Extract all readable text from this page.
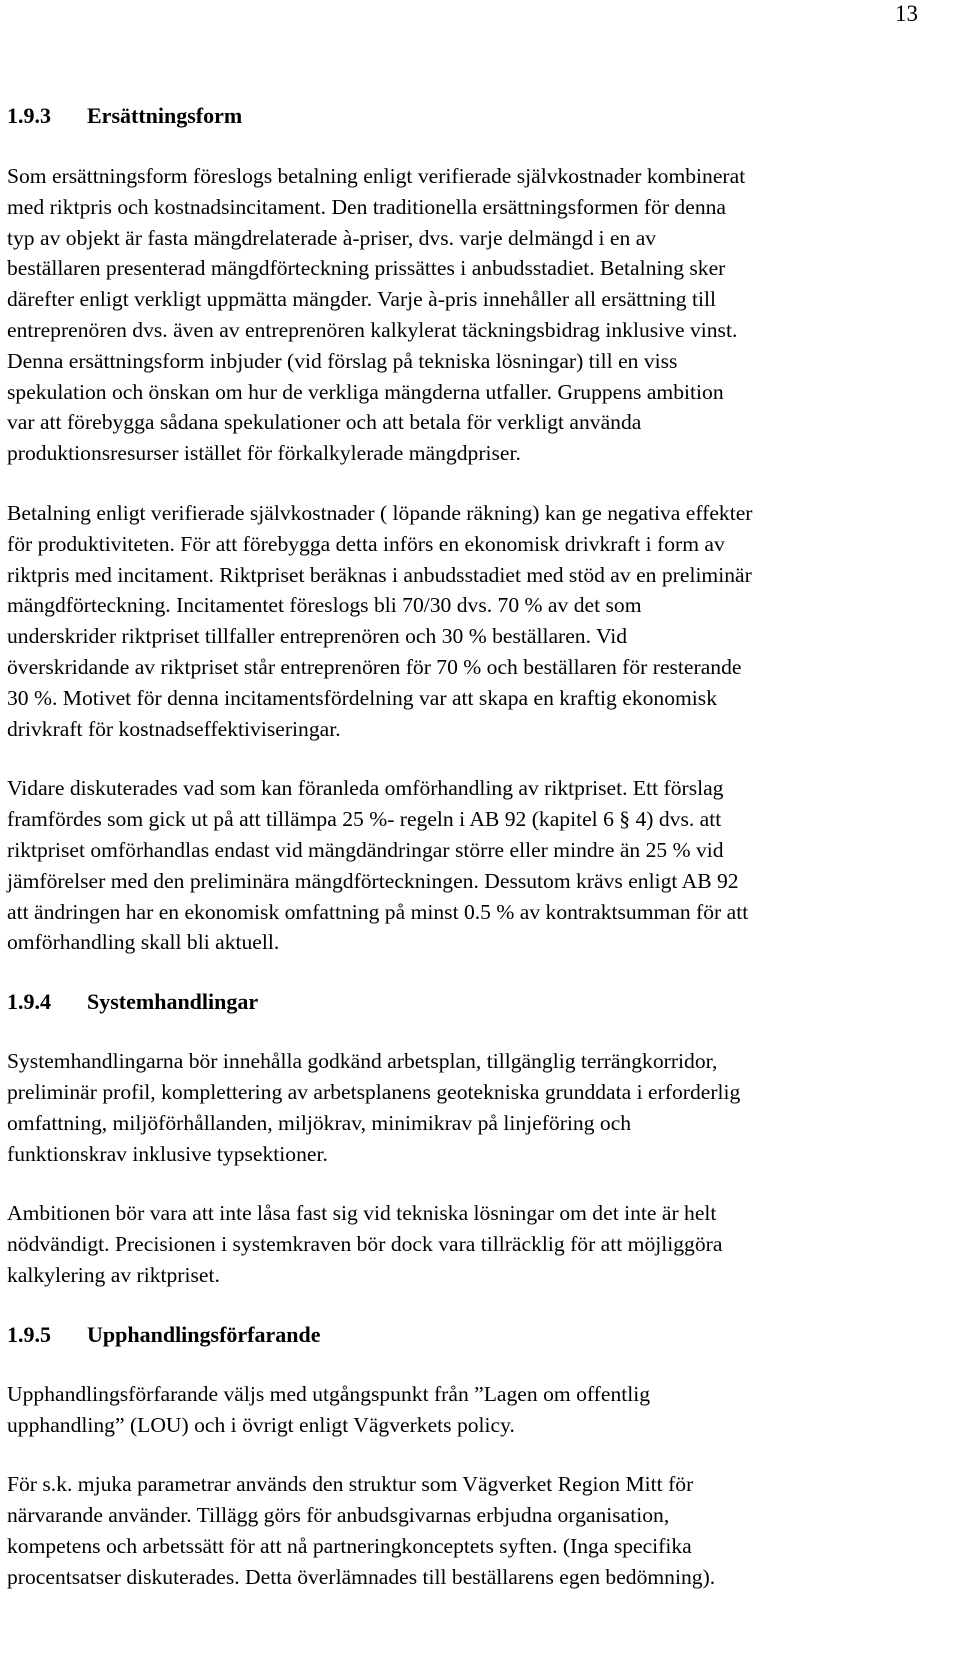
13
1.9.3 Ersättningsform

Som ersättningsform föreslogs betalning enligt verifierade självkostnader kombinerat
med riktpris och kostnadsincitament. Den traditionella ersättningsformen för denna
typ av objekt är fasta mängdrelaterade à-priser, dvs. varje delmängd i en av
beställaren presenterad mängdförteckning prissättes i anbudsstadiet. Betalning sker
därefter enligt verkligt uppmätta mängder. Varje à-pris innehåller all ersättning till
entreprenören dvs. även av entreprenören kalkylerat täckningsbidrag inklusive vinst.
Denna ersättningsform inbjuder (vid förslag på tekniska lösningar) till en viss
spekulation och önskan om hur de verkliga mängderna utfaller. Gruppens ambition
var att förebygga sådana spekulationer och att betala för verkligt använda
produktionsresurser istället för förkalkylerade mängdpriser.

Betalning enligt verifierade självkostnader ( löpande räkning) kan ge negativa effekter
för produktiviteten. För att förebygga detta införs en ekonomisk drivkraft i form av
riktpris med incitament. Riktpriset beräknas i anbudsstadiet med stöd av en preliminär
mängdförteckning. Incitamentet föreslogs bli 70/30 dvs. 70 % av det som
underskrider riktpriset tillfaller entreprenören och 30 % beställaren. Vid
överskridande av riktpriset står entreprenören för 70 % och beställaren för resterande
30 %. Motivet för denna incitamentsfördelning var att skapa en kraftig ekonomisk
drivkraft för kostnadseffektiviseringar.

Vidare diskuterades vad som kan föranleda omförhandling av riktpriset. Ett förslag
framfördes som gick ut på att tillämpa 25 %- regeln i AB 92 (kapitel 6 § 4) dvs. att
riktpriset omförhandlas endast vid mängdändringar större eller mindre än 25 % vid
jämförelser med den preliminära mängdförteckningen. Dessutom krävs enligt AB 92
att ändringen har en ekonomisk omfattning på minst 0.5 % av kontraktsumman för att
omförhandling skall bli aktuell.

1.9.4 Systemhandlingar

Systemhandlingarna bör innehålla godkänd arbetsplan, tillgänglig terrängkorridor,
preliminär profil, komplettering av arbetsplanens geotekniska grunddata i erforderlig
omfattning, miljöförhållanden, miljökrav, minimikrav på linjeföring och
funktionskrav inklusive typsektioner.

Ambitionen bör vara att inte låsa fast sig vid tekniska lösningar om det inte är helt
nödvändigt. Precisionen i systemkraven bör dock vara tillräcklig för att möjliggöra
kalkylering av riktpriset.

1.9.5 Upphandlingsförfarande

Upphandlingsförfarande väljs med utgångspunkt från ”Lagen om offentlig
upphandling” (LOU) och i övrigt enligt Vägverkets policy.

För s.k. mjuka parametrar används den struktur som Vägverket Region Mitt för
närvarande använder. Tillägg görs för anbudsgivarnas erbjudna organisation,
kompetens och arbetssätt för att nå partneringkonceptets syften. (Inga specifika
procentsatser diskuterades. Detta överlämnades till beställarens egen bedömning).
